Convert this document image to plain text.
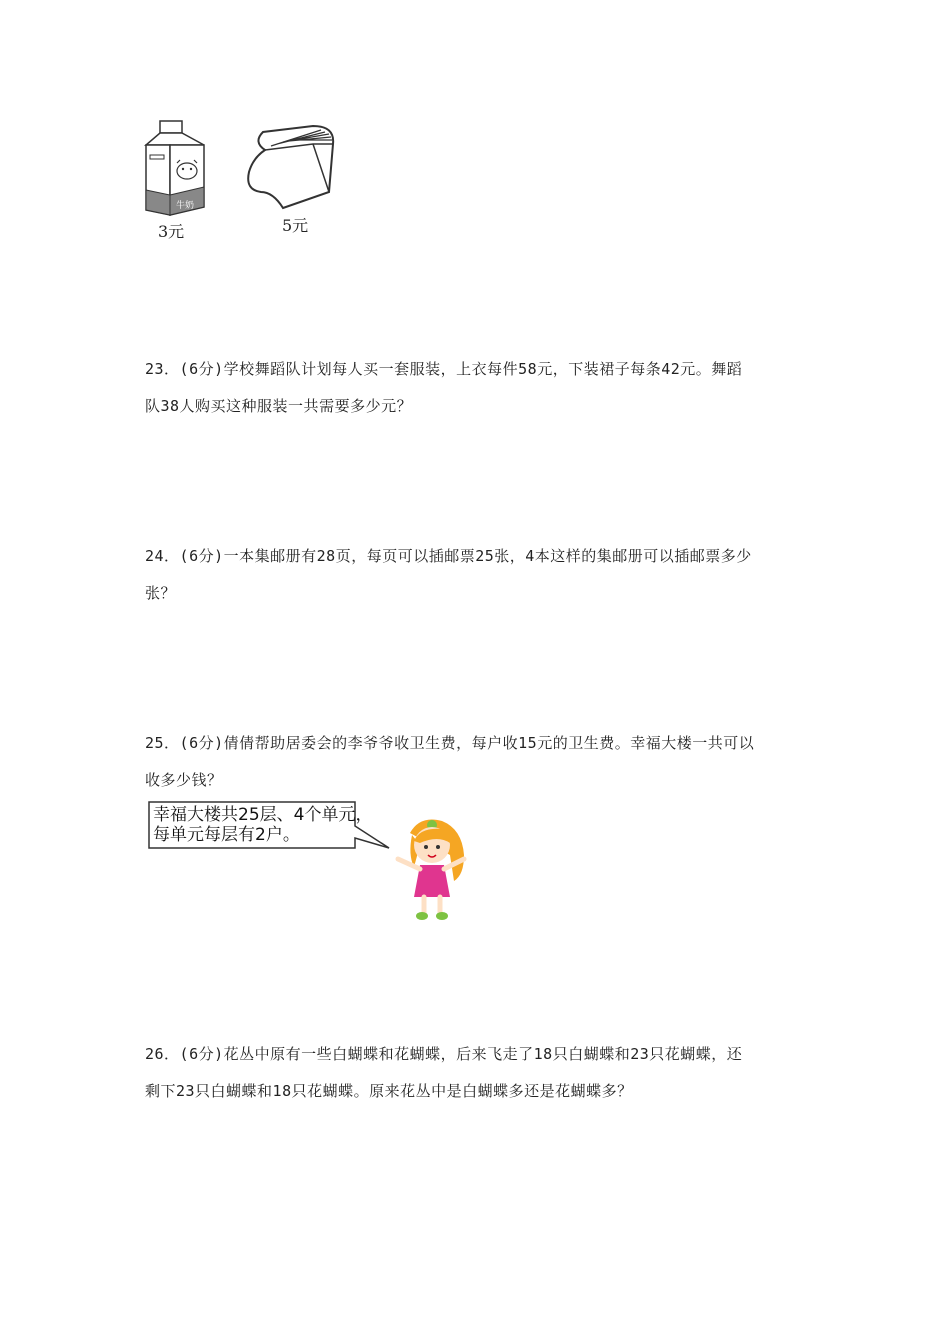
牛奶
3元	5元
23．(6分)学校舞蹈队计划每人买一套服装，上衣每件58元，下装裙子每条42元。舞蹈
队38人购买这种服装一共需要多少元？
24．(6分)一本集邮册有28页，每页可以插邮票25张，4本这样的集邮册可以插邮票多少
张？
25．(6分)倩倩帮助居委会的李爷爷收卫生费，每户收15元的卫生费。幸福大楼一共可以
收多少钱？
幸福大楼共25层、4个单元，
每单元每层有2户。
26．(6分)花丛中原有一些白蝴蝶和花蝴蝶，后来飞走了18只白蝴蝶和23只花蝴蝶，还
剩下23只白蝴蝶和18只花蝴蝶。原来花丛中是白蝴蝶多还是花蝴蝶多？
